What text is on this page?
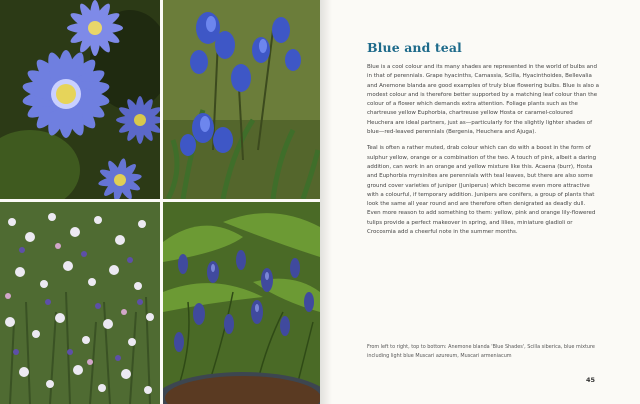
Blue and teal

Blue is a cool colour and its many shades are represented in the world of bulbs and in that of perennials. Grape hyacinths, Camassia, Scilla, Hyacinthoides, Bellevalia and Anemone blanda are good examples of truly blue flowering bulbs. Blue is also a modest colour and is therefore better supported by a matching leaf colour than the colour of a flower which demands extra attention. Foliage plants such as the chartreuse yellow Euphorbia, chartreuse yellow Hosta or caramel-coloured Heuchera are ideal partners, just as—particularly for the slightly lighter shades of blue—red-leaved perennials (Bergenia, Heuchera and Ajuga).

Teal is often a rather muted, drab colour which can do with a boost in the form of sulphur yellow, orange or a combination of the two. A touch of pink, albeit a daring addition, can work in an orange and yellow mixture like this. Acaena (burr), Hosta and Euphorbia myrsinites are perennials with teal leaves, but there are also some ground cover varieties of juniper (Juniperus) which become even more attractive with a colourful, if temporary addition. Junipers are conifers, a group of plants that look the same all year round and are therefore often denigrated as deadly dull. Even more reason to add something to them: yellow, pink and orange lily-flowered tulips provide a perfect makeover in spring, and lilies, miniature gladioli or Crocosmia add a cheerful note in the summer months.

From left to right, top to bottom: Anemone blanda 'Blue Shades', Scilla siberica, blue mixture including light blue Muscari azureum, Muscari armeniacum
45
